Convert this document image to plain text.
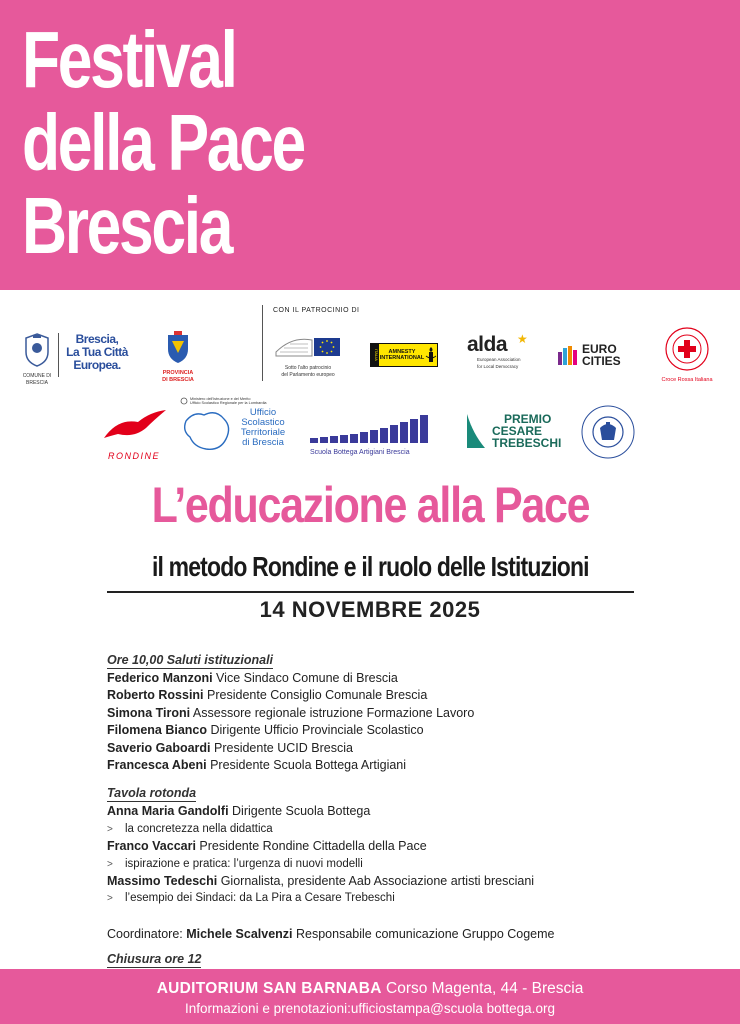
Festival
della Pace
Brescia
CON IL PATROCINIO DI
COMUNE DI
BRESCIA
Brescia,
La Tua Città
Europea.
PROVINCIA
DI BRESCIA
Sotto l'alto patrocinio
del Parlamento europeo
ITALIA	AMNESTY
INTERNATIONAL
alda ★
European Association
for Local Democracy
EURO
CITIES
Croce Rossa Italiana
RONDINE
Ministero dell'Istruzione e del Merito
Ufficio Scolastico Regionale per la Lombardia
Ufficio
Scolastico
Territoriale
di Brescia
Scuola Bottega Artigiani Brescia
PREMIO
CESARE
TREBESCHI
L’educazione alla Pace
il metodo Rondine e il ruolo delle Istituzioni
14 NOVEMBRE 2025
Ore 10,00 Saluti istituzionali
Federico Manzoni Vice Sindaco Comune di Brescia
Roberto Rossini Presidente Consiglio Comunale Brescia
Simona Tironi Assessore regionale istruzione Formazione Lavoro
Filomena Bianco Dirigente Ufficio Provinciale Scolastico
Saverio Gaboardi Presidente UCID Brescia
Francesca Abeni Presidente Scuola Bottega Artigiani
Tavola rotonda
Anna Maria Gandolfi Dirigente Scuola Bottega
> la concretezza nella didattica
Franco Vaccari Presidente Rondine Cittadella della Pace
> ispirazione e pratica: l’urgenza di nuovi modelli
Massimo Tedeschi Giornalista, presidente Aab Associazione artisti bresciani
> l’esempio dei Sindaci: da La Pira a Cesare Trebeschi
Coordinatore: Michele Scalvenzi Responsabile comunicazione Gruppo Cogeme
Chiusura ore 12
AUDITORIUM SAN BARNABA Corso Magenta, 44 - Brescia
Informazioni e prenotazioni:ufficiostampa@scuola bottega.org
